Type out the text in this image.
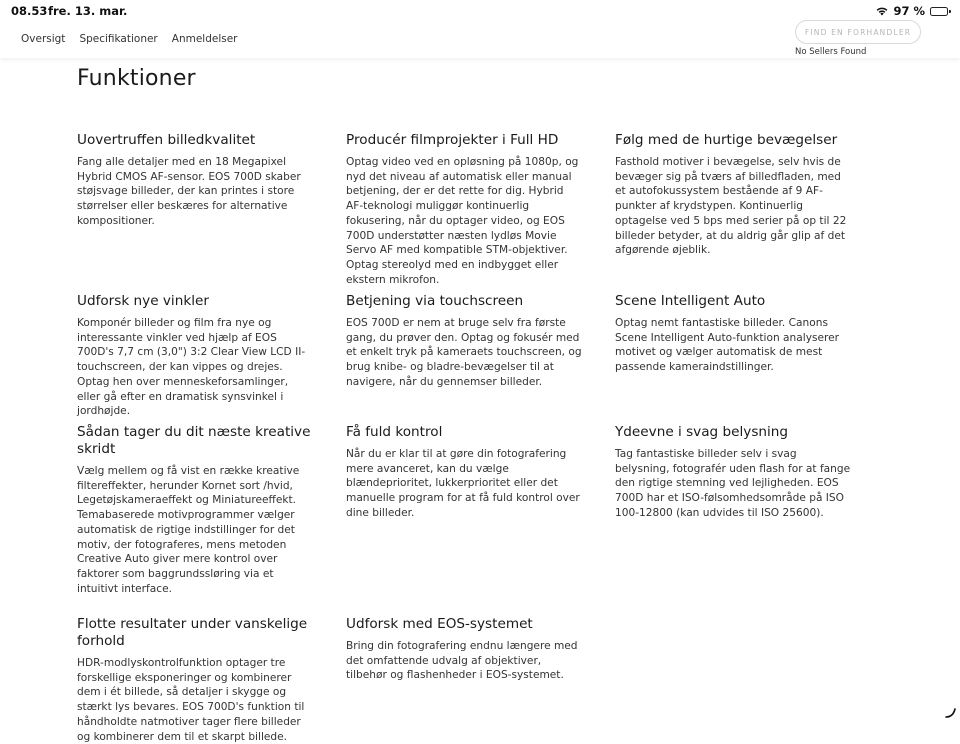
08.53 fre. 13. mar.	97 %
Oversigt Specifikationer Anmeldelser
FIND EN FORHANDLER
No Sellers Found
Funktioner
Uovertruffen billedkvalitet

Fang alle detaljer med en 18 Megapixel Hybrid CMOS AF-sensor. EOS 700D skaber støjsvage billeder, der kan printes i store størrelser eller beskæres for alternative kompositioner.

Producér filmprojekter i Full HD

Optag video ved en opløsning på 1080p, og nyd det niveau af automatisk eller manual betjening, der er det rette for dig. Hybrid AF-teknologi muliggør kontinuerlig fokusering, når du optager video, og EOS 700D understøtter næsten lydløs Movie Servo AF med kompatible STM-objektiver. Optag stereolyd med en indbygget eller ekstern mikrofon.

Følg med de hurtige bevægelser

Fasthold motiver i bevægelse, selv hvis de bevæger sig på tværs af billedfladen, med et autofokussystem bestående af 9 AF-punkter af krydstypen. Kontinuerlig optagelse ved 5 bps med serier på op til 22 billeder betyder, at du aldrig går glip af det afgørende øjeblik.

Udforsk nye vinkler

Komponér billeder og film fra nye og interessante vinkler ved hjælp af EOS 700D's 7,7 cm (3,0") 3:2 Clear View LCD II-touchscreen, der kan vippes og drejes. Optag hen over menneskeforsamlinger, eller gå efter en dramatisk synsvinkel i jordhøjde.

Betjening via touchscreen

EOS 700D er nem at bruge selv fra første gang, du prøver den. Optag og fokusér med et enkelt tryk på kameraets touchscreen, og brug knibe- og bladre-bevægelser til at navigere, når du gennemser billeder.

Scene Intelligent Auto

Optag nemt fantastiske billeder. Canons Scene Intelligent Auto-funktion analyserer motivet og vælger automatisk de mest passende kameraindstillinger.

Sådan tager du dit næste kreative skridt

Vælg mellem og få vist en række kreative filtereffekter, herunder Kornet sort /hvid, Legetøjskameraeffekt og Miniatureeffekt. Temabaserede motivprogrammer vælger automatisk de rigtige indstillinger for det motiv, der fotograferes, mens metoden Creative Auto giver mere kontrol over faktorer som baggrundssløring via et intuitivt interface.

Få fuld kontrol

Når du er klar til at gøre din fotografering mere avanceret, kan du vælge blændeprioritet, lukkerprioritet eller det manuelle program for at få fuld kontrol over dine billeder.

Ydeevne i svag belysning

Tag fantastiske billeder selv i svag belysning, fotografér uden flash for at fange den rigtige stemning ved lejligheden. EOS 700D har et ISO-følsomhedsområde på ISO 100-12800 (kan udvides til ISO 25600).

Flotte resultater under vanskelige forhold

HDR-modlyskontrolfunktion optager tre forskellige eksponeringer og kombinerer dem i ét billede, så detaljer i skygge og stærkt lys bevares. EOS 700D's funktion til håndholdte natmotiver tager flere billeder og kombinerer dem til et skarpt billede.

Udforsk med EOS-systemet

Bring din fotografering endnu længere med det omfattende udvalg af objektiver, tilbehør og flashenheder i EOS-systemet.
